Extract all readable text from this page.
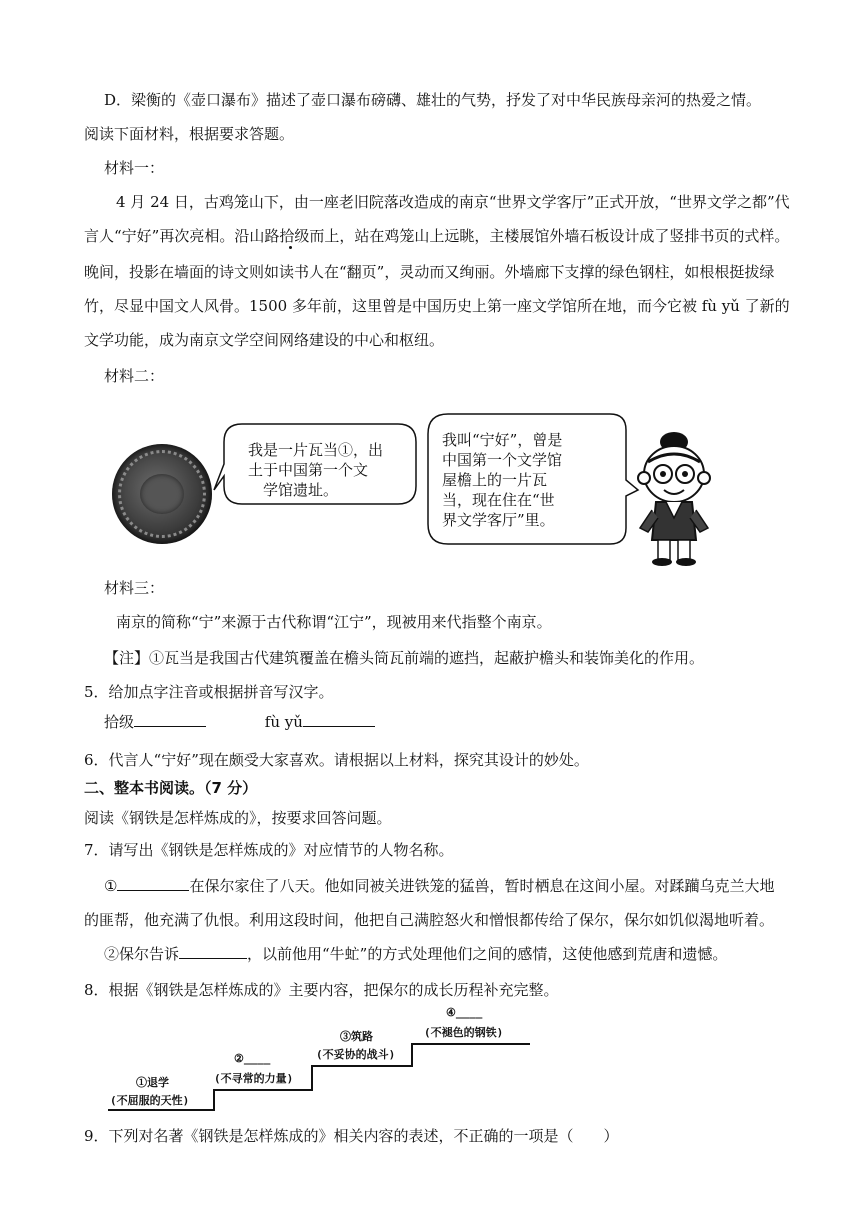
D．梁衡的《壶口瀑布》描述了壶口瀑布磅礴、雄壮的气势，抒发了对中华民族母亲河的热爱之情。
阅读下面材料，根据要求答题。
材料一：
4 月 24 日，古鸡笼山下，由一座老旧院落改造成的南京“世界文学客厅”正式开放，“世界文学之都”代
言人“宁好”再次亮相。沿山路拾级而上，站在鸡笼山上远眺，主楼展馆外墙石板设计成了竖排书页的式样。
晚间，投影在墙面的诗文则如读书人在“翻页”，灵动而又绚丽。外墙廊下支撑的绿色钢柱，如根根挺拔绿
竹，尽显中国文人风骨。1500 多年前，这里曾是中国历史上第一座文学馆所在地，而今它被 fù yǔ 了新的
文学功能，成为南京文学空间网络建设的中心和枢纽。
材料二：
我是一片瓦当①，出
土于中国第一个文
学馆遗址。
我叫“宁好”，曾是
中国第一个文学馆
屋檐上的一片瓦
当，现在住在“世
界文学客厅”里。
材料三：
南京的简称“宁”来源于古代称谓“江宁”，现被用来代指整个南京。
【注】①瓦当是我国古代建筑覆盖在檐头筒瓦前端的遮挡，起蔽护檐头和装饰美化的作用。
5．给加点字注音或根据拼音写汉字。
拾级	fù yǔ
6．代言人“宁好”现在颇受大家喜欢。请根据以上材料，探究其设计的妙处。
二、整本书阅读。（7 分）
阅读《钢铁是怎样炼成的》，按要求回答问题。
7．请写出《钢铁是怎样炼成的》对应情节的人物名称。
①	在保尔家住了八天。他如同被关进铁笼的猛兽，暂时栖息在这间小屋。对蹂躏乌克兰大地
的匪帮，他充满了仇恨。利用这段时间，他把自己满腔怒火和憎恨都传给了保尔，保尔如饥似渴地听着。
②保尔告诉	，以前他用“牛虻”的方式处理他们之间的感情，这使他感到荒唐和遗憾。
8．根据《钢铁是怎样炼成的》主要内容，把保尔的成长历程补充完整。
①退学
(不屈服的天性)
②____
(不寻常的力量)
③筑路
(不妥协的战斗)
④____
(不褪色的钢铁)
9．下列对名著《钢铁是怎样炼成的》相关内容的表述，不正确的一项是（　　）
